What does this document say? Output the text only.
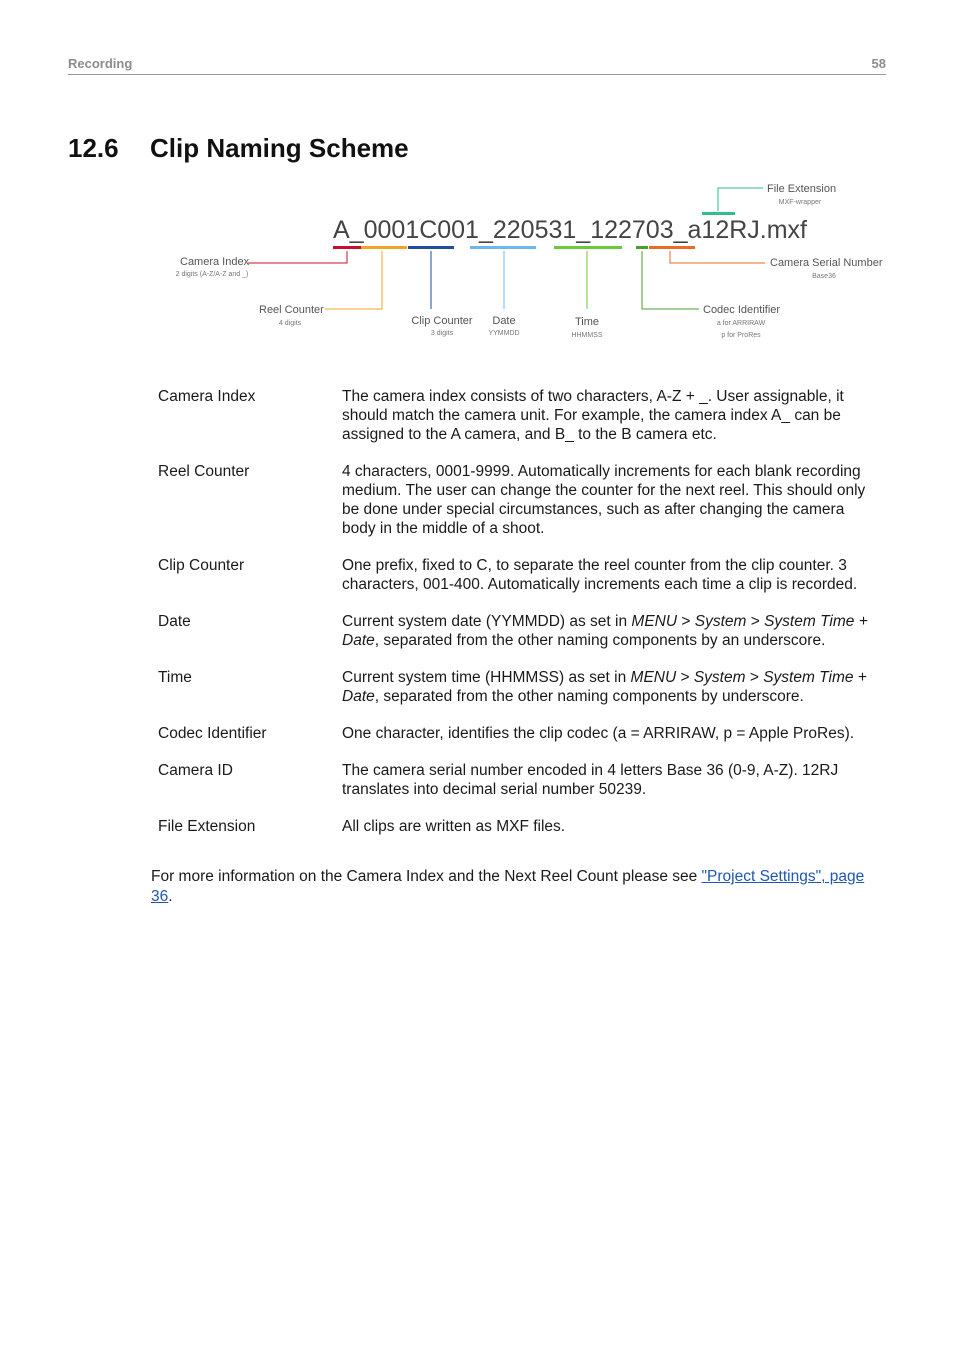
Recording	58
12.6 Clip Naming Scheme
A_0001C001_220531_122703_a12RJ.mxf
File Extension
MXF-wrapper
Camera Index
2 digits (A-Z/A-Z and _)
Reel Counter
4 digits	Clip Counter
3 digits
Date
YYMMDD
Time
HHMMSS
Codec Identifier
a for ARRIRAW
p for ProRes
Camera Serial Number
Base36
Camera Index	The camera index consists of two characters, A-Z + _. User assignable, it should match the camera unit. For example, the camera index A_ can be assigned to the A camera, and B_ to the B camera etc.
Reel Counter	4 characters, 0001-9999. Automatically increments for each blank recording medium. The user can change the counter for the next reel. This should only be done under special circumstances, such as after changing the camera body in the middle of a shoot.
Clip Counter	One prefix, fixed to C, to separate the reel counter from the clip counter. 3 characters, 001-400. Automatically increments each time a clip is recorded.
Date	Current system date (YYMMDD) as set in MENU > System > System Time + Date, separated from the other naming components by an underscore.
Time	Current system time (HHMMSS) as set in MENU > System > System Time + Date, separated from the other naming components by underscore.
Codec Identifier	One character, identifies the clip codec (a = ARRIRAW, p = Apple ProRes).
Camera ID	The camera serial number encoded in 4 letters Base 36 (0-9, A-Z). 12RJ translates into decimal serial number 50239.
File Extension	All clips are written as MXF files.
For more information on the Camera Index and the Next Reel Count please see "Project Settings", page 36.
